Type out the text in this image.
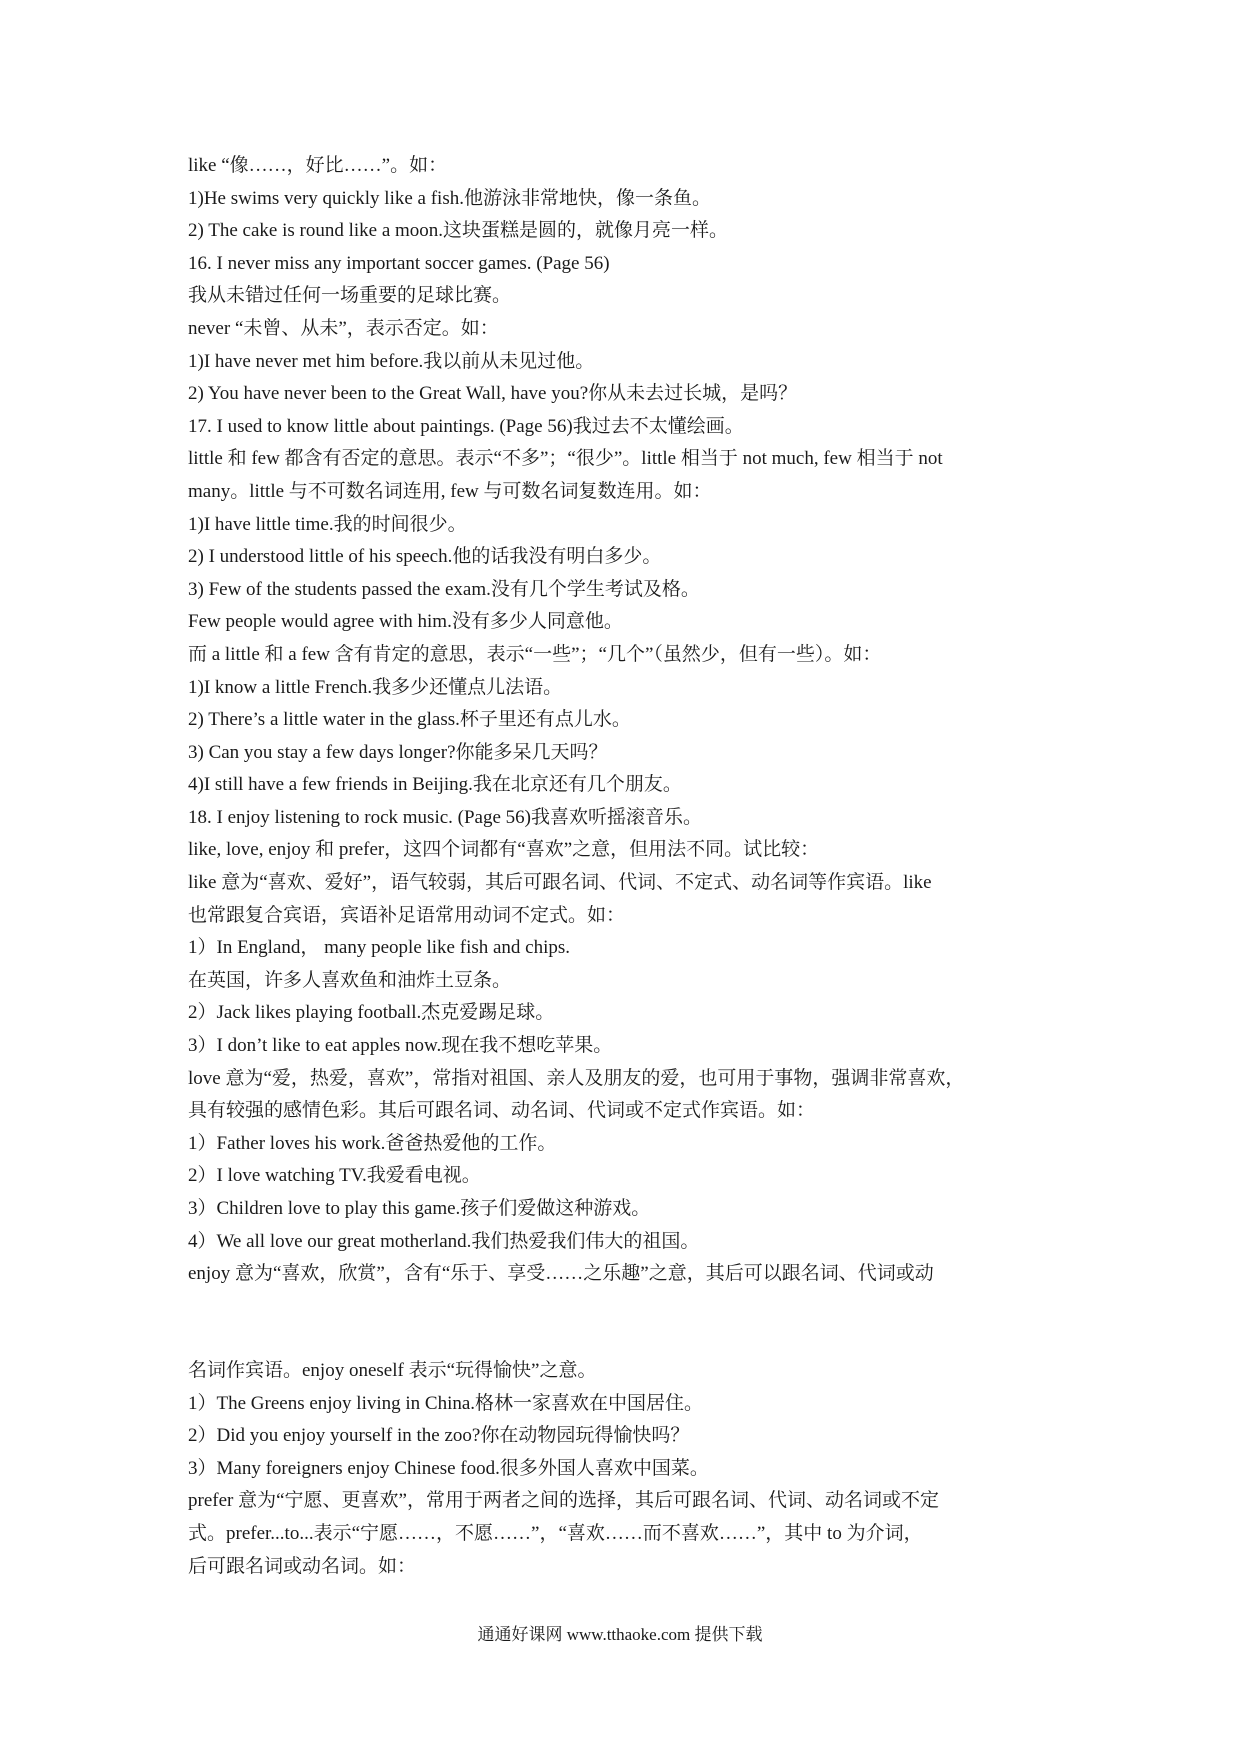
like “像……，好比……”。如：
1)He swims very quickly like a fish.他游泳非常地快，像一条鱼。
2) The cake is round like a moon.这块蛋糕是圆的，就像月亮一样。
16. I never miss any important soccer games. (Page 56)
我从未错过任何一场重要的足球比赛。
never “未曾、从未”，表示否定。如：
1)I have never met him before.我以前从未见过他。
2) You have never been to the Great Wall, have you?你从未去过长城，是吗？
17. I used to know little about paintings. (Page 56)我过去不太懂绘画。
little 和 few 都含有否定的意思。表示“不多”；“很少”。little 相当于 not much, few 相当于 not
many。little 与不可数名词连用, few 与可数名词复数连用。如：
1)I have little time.我的时间很少。
2) I understood little of his speech.他的话我没有明白多少。
3) Few of the students passed the exam.没有几个学生考试及格。
Few people would agree with him.没有多少人同意他。
而 a little 和 a few 含有肯定的意思，表示“一些”；“几个”（虽然少，但有一些）。如：
1)I know a little French.我多少还懂点儿法语。
2) There’s a little water in the glass.杯子里还有点儿水。
3) Can you stay a few days longer?你能多呆几天吗？
4)I still have a few friends in Beijing.我在北京还有几个朋友。
18. I enjoy listening to rock music. (Page 56)我喜欢听摇滚音乐。
like, love, enjoy 和 prefer，这四个词都有“喜欢”之意，但用法不同。试比较：
like 意为“喜欢、爱好”，语气较弱，其后可跟名词、代词、不定式、动名词等作宾语。like
也常跟复合宾语，宾语补足语常用动词不定式。如：
1）In England， many people like fish and chips.
在英国，许多人喜欢鱼和油炸土豆条。
2）Jack likes playing football.杰克爱踢足球。
3）I don’t like to eat apples now.现在我不想吃苹果。
love 意为“爱，热爱，喜欢”，常指对祖国、亲人及朋友的爱，也可用于事物，强调非常喜欢，
具有较强的感情色彩。其后可跟名词、动名词、代词或不定式作宾语。如：
1）Father loves his work.爸爸热爱他的工作。
2）I love watching TV.我爱看电视。
3）Children love to play this game.孩子们爱做这种游戏。
4）We all love our great motherland.我们热爱我们伟大的祖国。
enjoy 意为“喜欢，欣赏”，含有“乐于、享受……之乐趣”之意，其后可以跟名词、代词或动
名词作宾语。enjoy oneself 表示“玩得愉快”之意。
1）The Greens enjoy living in China.格林一家喜欢在中国居住。
2）Did you enjoy yourself in the zoo?你在动物园玩得愉快吗？
3）Many foreigners enjoy Chinese food.很多外国人喜欢中国菜。
prefer 意为“宁愿、更喜欢”，常用于两者之间的选择，其后可跟名词、代词、动名词或不定
式。prefer...to...表示“宁愿……，不愿……”，“喜欢……而不喜欢……”，其中 to 为介词，
后可跟名词或动名词。如：
通通好课网 www.tthaoke.com 提供下载
